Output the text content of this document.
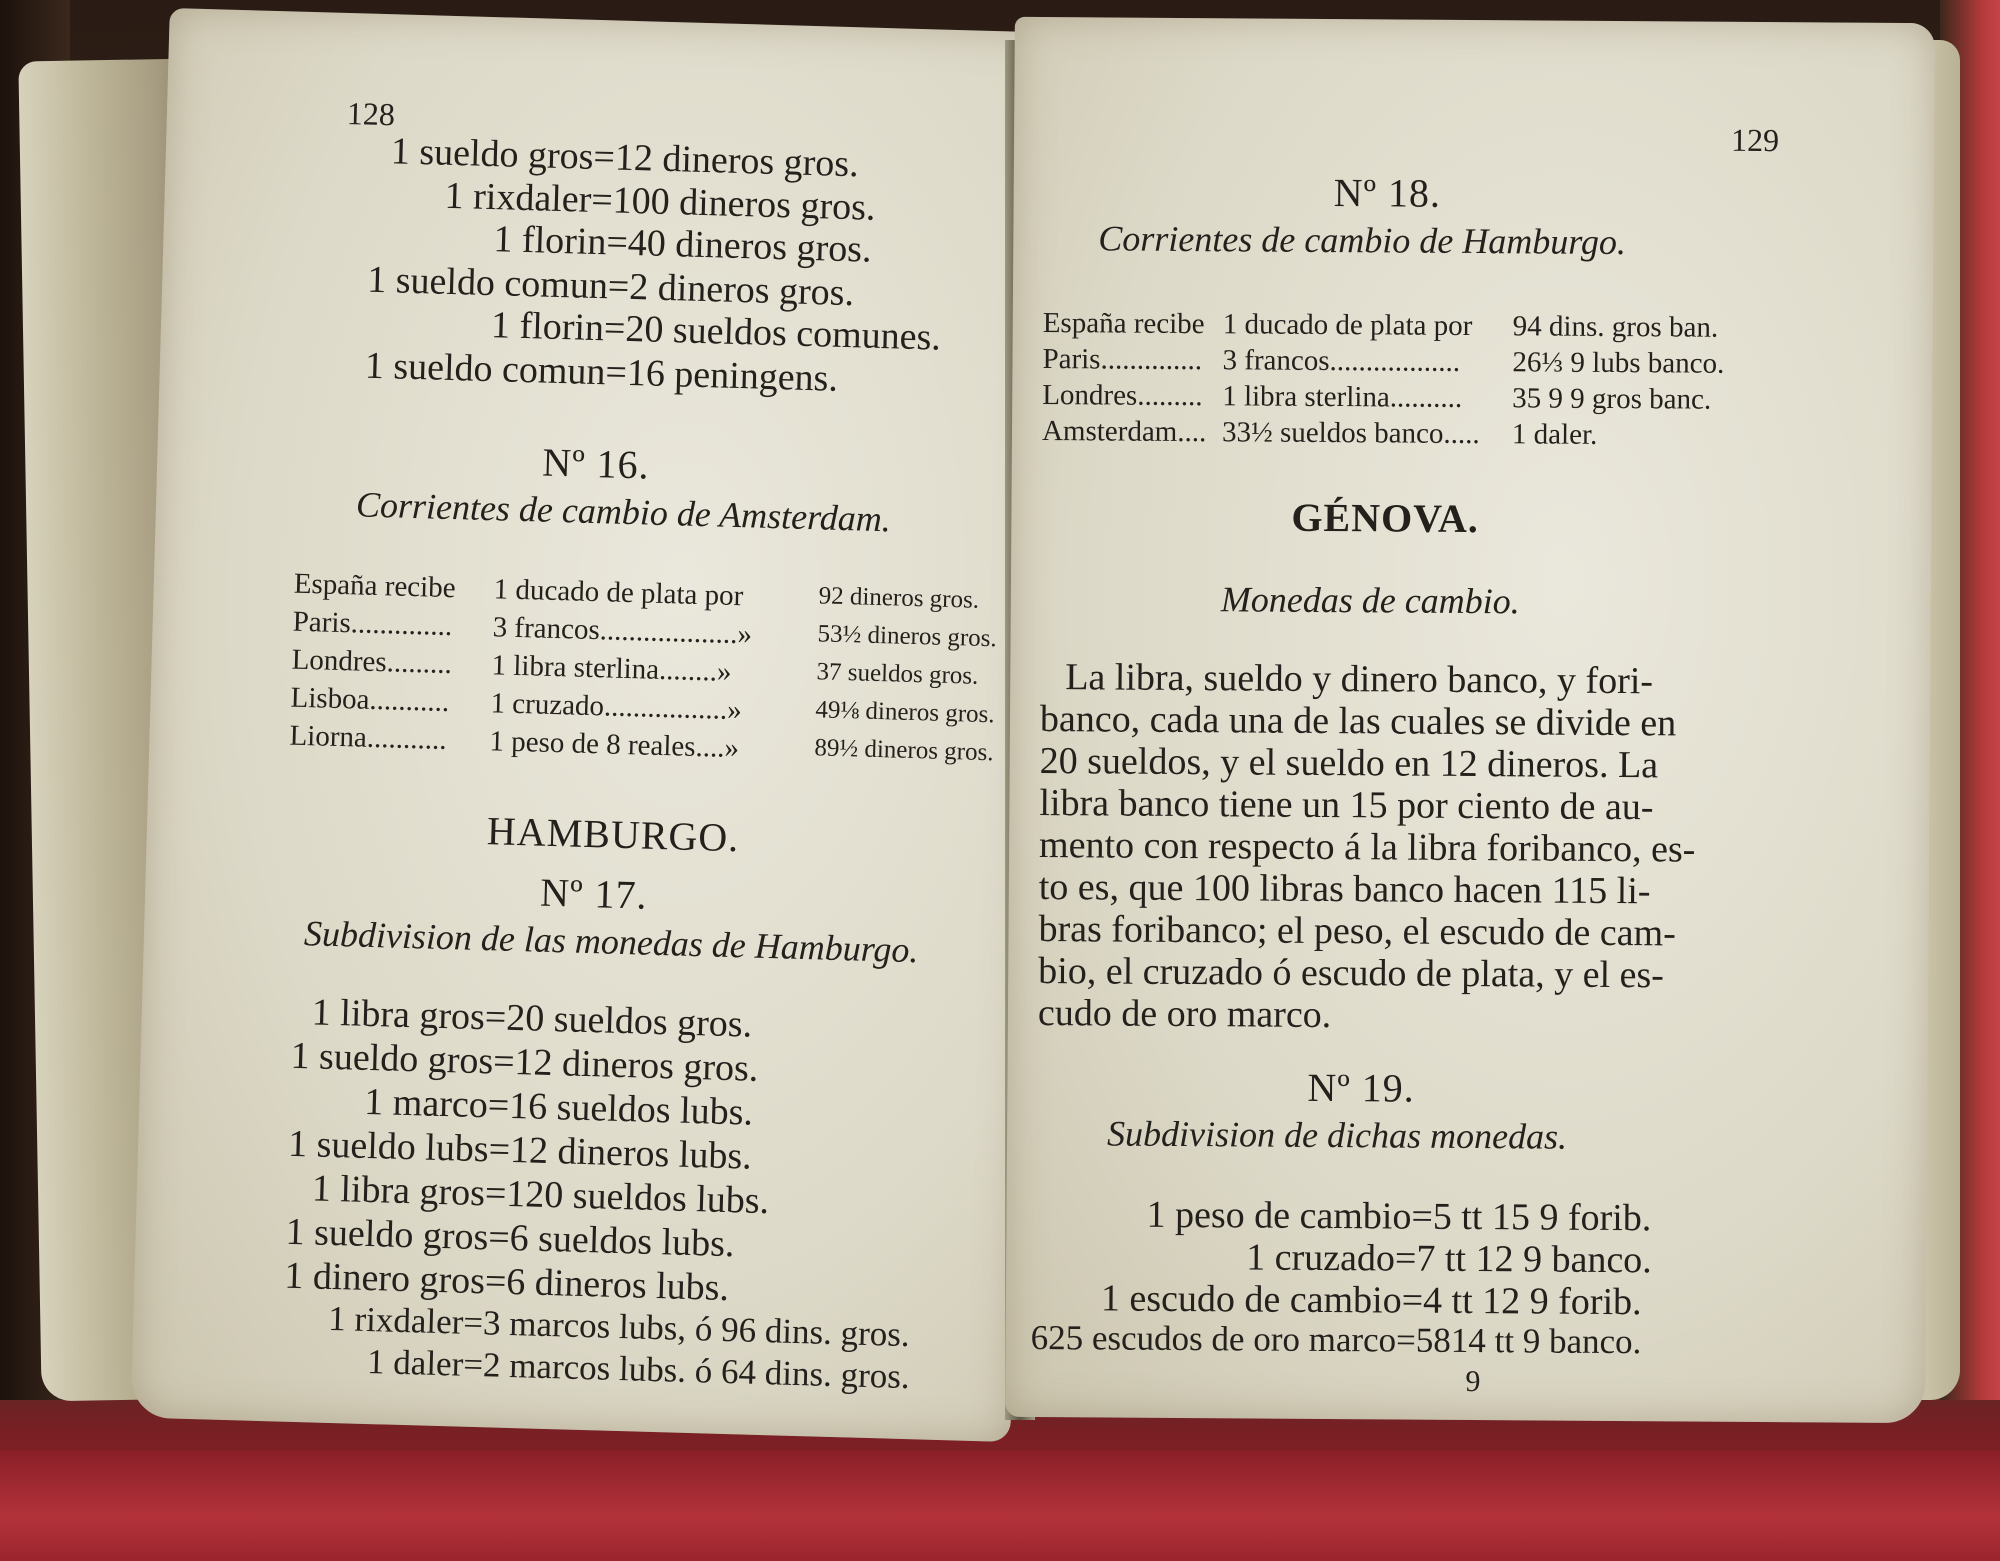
128
1 sueldo gros=12 dineros gros.
1 rixdaler=100 dineros gros.
1 florin=40 dineros gros.
1 sueldo comun=2 dineros gros.
1 florin=20 sueldos comunes.
1 sueldo comun=16 peningens.
Nº 16.
Corrientes de cambio de Amsterdam.
España recibe 1 ducado de plata por	92 dineros gros.
Paris.............. 3 francos...................»	53½ dineros gros.
Londres......... 1 libra sterlina........»	37 sueldos gros.
Lisboa........... 1 cruzado.................»	49⅛ dineros gros.
Liorna........... 1 peso de 8 reales....»	89½ dineros gros.
HAMBURGO.
Nº 17.
Subdivision de las monedas de Hamburgo.
1 libra gros=20 sueldos gros.
1 sueldo gros=12 dineros gros.
1 marco=16 sueldos lubs.
1 sueldo lubs=12 dineros lubs.
1 libra gros=120 sueldos lubs.
1 sueldo gros=6 sueldos lubs.
1 dinero gros=6 dineros lubs.
1 rixdaler=3 marcos lubs, ó 96 dins. gros.
1 daler=2 marcos lubs. ó 64 dins. gros.
129
Nº 18.
Corrientes de cambio de Hamburgo.
España recibe 1 ducado de plata por 94 dins. gros ban.
Paris.............. 3 francos.................. 26⅓ 9 lubs banco.
Londres......... 1 libra sterlina.......... 35 9 9 gros banc.
Amsterdam.... 33½ sueldos banco..... 1 daler.
GÉNOVA.
Monedas de cambio.
La libra, sueldo y dinero banco, y fori-
banco, cada una de las cuales se divide en
20 sueldos, y el sueldo en 12 dineros. La
libra banco tiene un 15 por ciento de au-
mento con respecto á la libra foribanco, es-
to es, que 100 libras banco hacen 115 li-
bras foribanco; el peso, el escudo de cam-
bio, el cruzado ó escudo de plata, y el es-
cudo de oro marco.
Nº 19.
Subdivision de dichas monedas.
1 peso de cambio=5 tt 15 9 forib.
1 cruzado=7 tt 12 9 banco.
1 escudo de cambio=4 tt 12 9 forib.
625 escudos de oro marco=5814 tt 9 banco.
9
